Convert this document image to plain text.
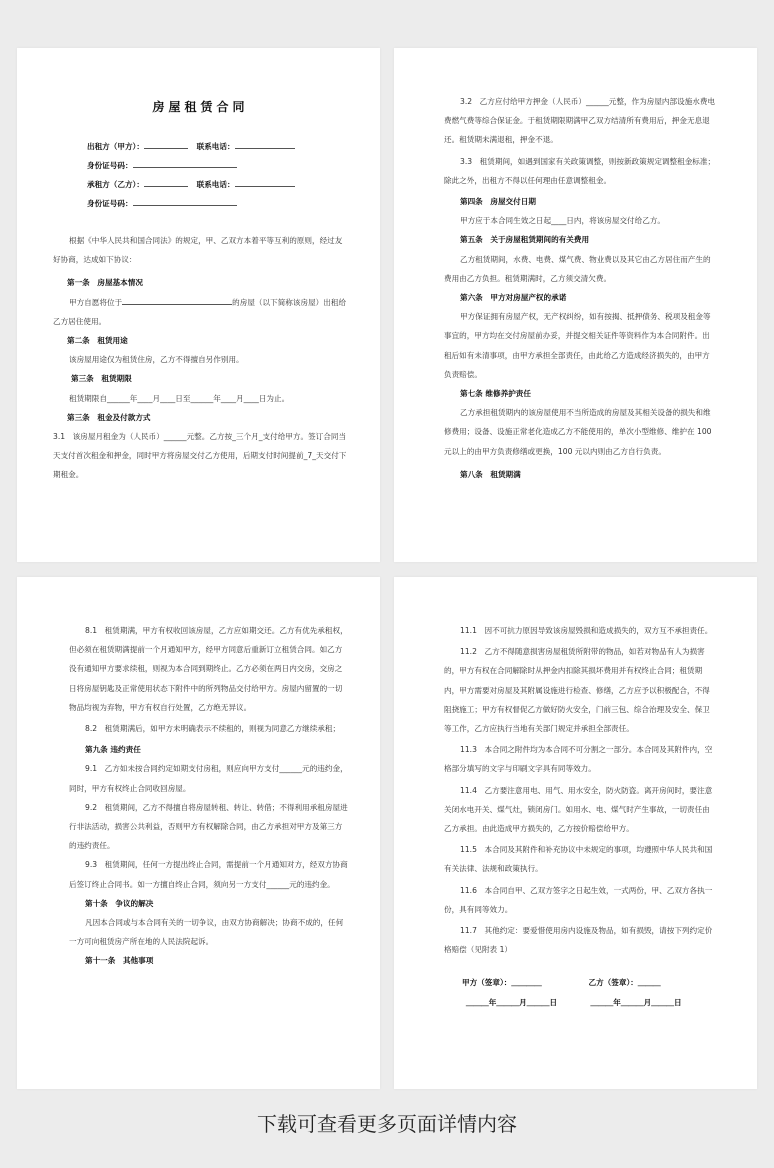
房屋租赁合同
出租方（甲方）：	联系电话：
身份证号码：
承租方（乙方）：	联系电话：
身份证号码：
根据《中华人民共和国合同法》的规定，甲、乙双方本着平等互利的原则，经过友好协商，达成如下协议：
第一条　房屋基本情况
甲方自愿将位于	的房屋（以下简称该房屋）出租给乙方居住使用。
第二条　租赁用途
该房屋用途仅为租赁住房，乙方不得擅自另作别用。
第三条　租赁期限
租赁期限自______年____月____日至______年____月____日为止。
第三条　租金及付款方式
3.1　该房屋月租金为（人民币）______元整。乙方按_三个月_支付给甲方。签订合同当天支付首次租金和押金，同时甲方将房屋交付乙方使用，后期支付时间提前_7_天交付下期租金。
3.2　乙方应付给甲方押金（人民币）______元整，作为房屋内部设施水费电费燃气费等综合保证金。于租赁期限期满甲乙双方结清所有费用后，押金无息退还。租赁期未满退租，押金不退。
3.3　租赁期间，如遇到国家有关政策调整，则按新政策规定调整租金标准；除此之外，出租方不得以任何理由任意调整租金。
第四条　房屋交付日期
甲方应于本合同生效之日起____日内，将该房屋交付给乙方。
第五条　关于房屋租赁期间的有关费用
乙方租赁期间，水费、电费、煤气费、物业费以及其它由乙方居住而产生的费用由乙方负担。租赁期满时，乙方须交清欠费。
第六条　甲方对房屋产权的承诺
甲方保证拥有房屋产权，无产权纠纷，如有按揭、抵押债务、税项及租金等事宜的，甲方均在交付房屋前办妥，并提交相关证件等资料作为本合同附件。出租后如有未清事项，由甲方承担全部责任，由此给乙方造成经济损失的，由甲方负责赔偿。
第七条 维修养护责任
乙方承担租赁期内的该房屋使用不当所造成的房屋及其相关设备的损失和维修费用；设备、设施正常老化造成乙方不能使用的，单次小型维修、维护在 100 元以上的由甲方负责修缮或更换，100 元以内则由乙方自行负责。
第八条　租赁期满
8.1　租赁期满，甲方有权收回该房屋，乙方应如期交还。乙方有优先承租权，但必须在租赁期满提前一个月通知甲方，经甲方同意后重新订立租赁合同。如乙方没有通知甲方要求续租，则视为本合同到期终止。乙方必须在两日内交房，交房之日将房屋钥匙及正常使用状态下附件中的所列物品交付给甲方。房屋内留置的一切物品均视为弃物，甲方有权自行处置，乙方绝无异议。
8.2　租赁期满后，如甲方未明确表示不续租的，则视为同意乙方继续承租；
第九条 违约责任
9.1　乙方如未按合同约定如期支付房租，则应向甲方支付______元的违约金，同时，甲方有权终止合同收回房屋。
9.2　租赁期间，乙方不得擅自将房屋转租、转让、转借；不得利用承租房屋进行非法活动，损害公共利益，否则甲方有权解除合同，由乙方承担对甲方及第三方的违约责任。
9.3　租赁期间，任何一方提出终止合同，需提前一个月通知对方，经双方协商后签订终止合同书。如一方擅自终止合同，须向另一方支付______元的违约金。
第十条　争议的解决
凡因本合同或与本合同有关的一切争议，由双方协商解决；协商不成的，任何一方可向租赁房产所在地的人民法院起诉。
第十一条　其他事项
11.1　因不可抗力原因导致该房屋毁损和造成损失的，双方互不承担责任。
11.2　乙方不得随意损害房屋租赁所附带的物品，如若对物品有人为损害的，甲方有权在合同解除时从押金内扣除其损坏费用并有权终止合同；租赁期内，甲方需要对房屋及其附属设施进行检查、修缮，乙方应予以积极配合，不得阻挠施工；甲方有权督促乙方做好防火安全，门前三包、综合治理及安全、保卫等工作，乙方应执行当地有关部门规定并承担全部责任。
11.3　本合同之附件均为本合同不可分割之一部分。本合同及其附件内，空格部分填写的文字与印刷文字具有同等效力。
11.4　乙方要注意用电、用气、用水安全，防火防盗。离开房间时，要注意关闭水电开关、煤气灶，锁闭房门。如用水、电、煤气时产生事故，一切责任由乙方承担。由此造成甲方损失的，乙方按价赔偿给甲方。
11.5　本合同及其附件和补充协议中未规定的事项，均遵照中华人民共和国有关法律、法规和政策执行。
11.6　本合同自甲、乙双方签字之日起生效，一式两份，甲、乙双方各执一份，具有同等效力。
11.7　其他约定：要爱惜使用房内设施及物品，如有损毁，请按下列约定价格赔偿（见附表 1）
甲方（签章）：＿＿＿＿	乙方（签章）：＿＿＿
＿＿＿年＿＿＿月＿＿＿日	＿＿＿年＿＿＿月＿＿＿日
下载可查看更多页面详情内容
